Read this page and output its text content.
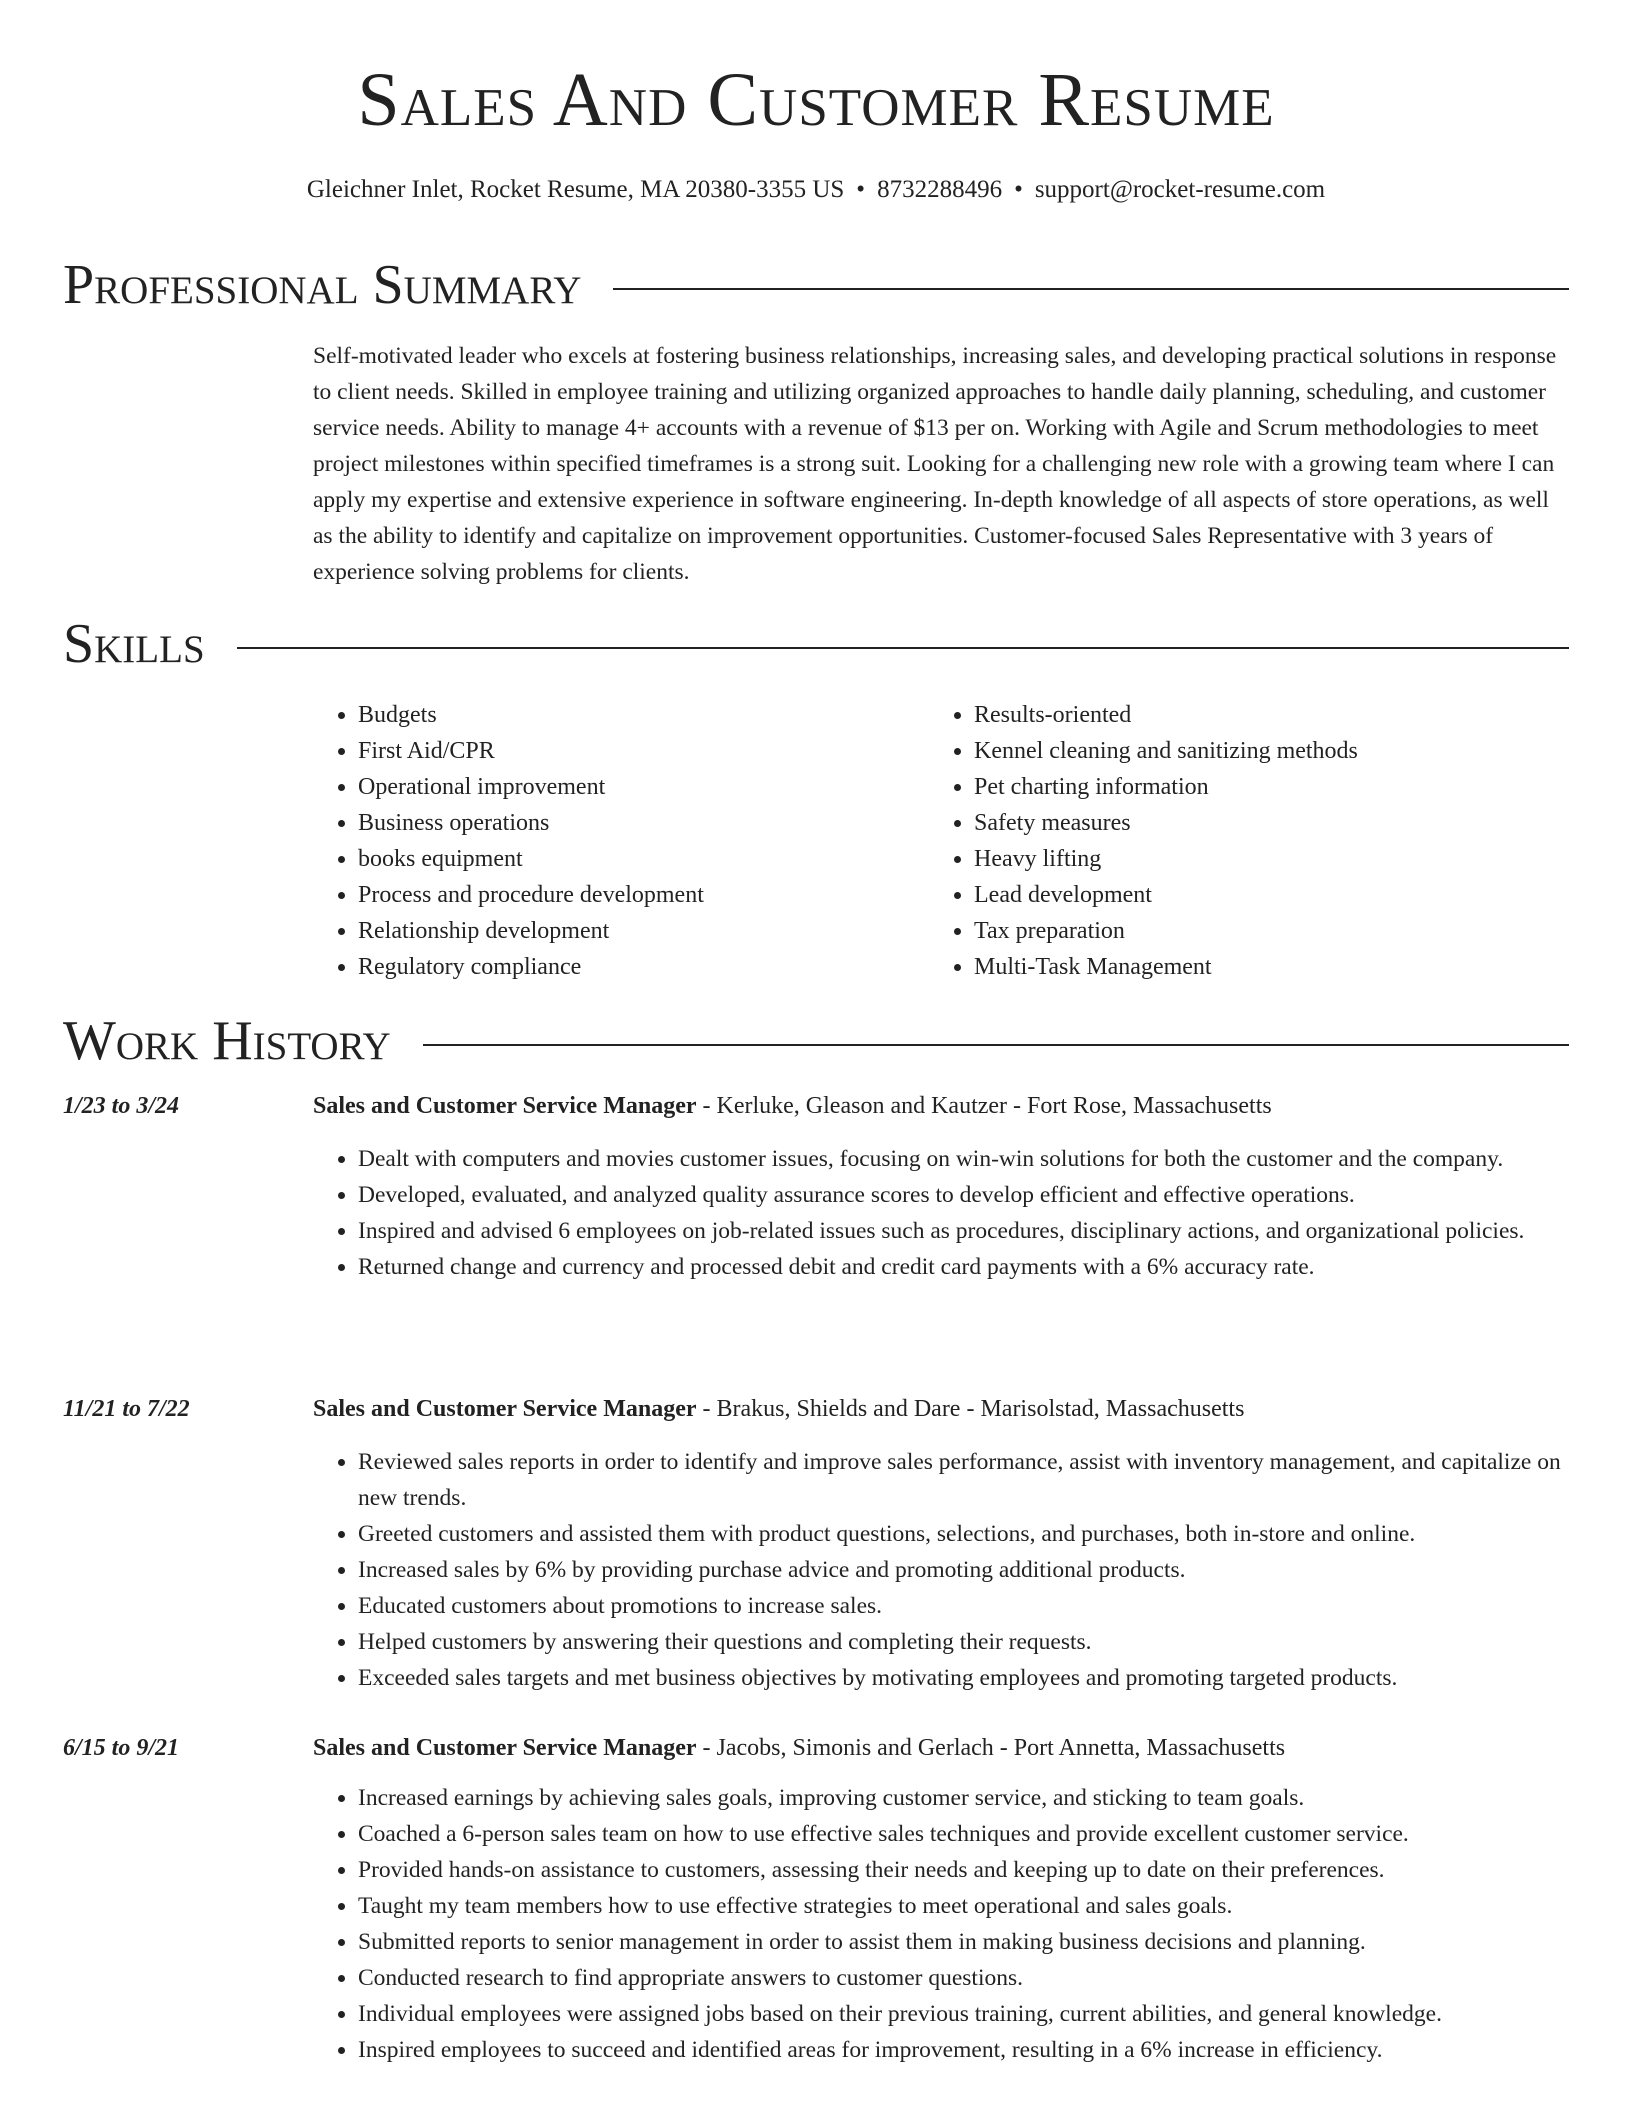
Sales And Customer Resume
Gleichner Inlet, Rocket Resume, MA 20380-3355 US • 8732288496 • support@rocket-resume.com
Professional Summary

Self-motivated leader who excels at fostering business relationships, increasing sales, and developing practical solutions in response to client needs. Skilled in employee training and utilizing organized approaches to handle daily planning, scheduling, and customer service needs. Ability to manage 4+ accounts with a revenue of $13 per on. Working with Agile and Scrum methodologies to meet project milestones within specified timeframes is a strong suit. Looking for a challenging new role with a growing team where I can apply my expertise and extensive experience in software engineering. In-depth knowledge of all aspects of store operations, as well as the ability to identify and capitalize on improvement opportunities. Customer-focused Sales Representative with 3 years of experience solving problems for clients.

Skills
• Budgets
• First Aid/CPR
• Operational improvement
• Business operations
• books equipment
• Process and procedure development
• Relationship development
• Regulatory compliance
• Results-oriented
• Kennel cleaning and sanitizing methods
• Pet charting information
• Safety measures
• Heavy lifting
• Lead development
• Tax preparation
• Multi-Task Management
Work History
1/23 to 3/24	Sales and Customer Service Manager - Kerluke, Gleason and Kautzer - Fort Rose, Massachusetts
• Dealt with computers and movies customer issues, focusing on win-win solutions for both the customer and the company.
• Developed, evaluated, and analyzed quality assurance scores to develop efficient and effective operations.
• Inspired and advised 6 employees on job-related issues such as procedures, disciplinary actions, and organizational policies.
• Returned change and currency and processed debit and credit card payments with a 6% accuracy rate.
11/21 to 7/22	Sales and Customer Service Manager - Brakus, Shields and Dare - Marisolstad, Massachusetts
• Reviewed sales reports in order to identify and improve sales performance, assist with inventory management, and capitalize on new trends.
• Greeted customers and assisted them with product questions, selections, and purchases, both in-store and online.
• Increased sales by 6% by providing purchase advice and promoting additional products.
• Educated customers about promotions to increase sales.
• Helped customers by answering their questions and completing their requests.
• Exceeded sales targets and met business objectives by motivating employees and promoting targeted products.
6/15 to 9/21	Sales and Customer Service Manager - Jacobs, Simonis and Gerlach - Port Annetta, Massachusetts
• Increased earnings by achieving sales goals, improving customer service, and sticking to team goals.
• Coached a 6-person sales team on how to use effective sales techniques and provide excellent customer service.
• Provided hands-on assistance to customers, assessing their needs and keeping up to date on their preferences.
• Taught my team members how to use effective strategies to meet operational and sales goals.
• Submitted reports to senior management in order to assist them in making business decisions and planning.
• Conducted research to find appropriate answers to customer questions.
• Individual employees were assigned jobs based on their previous training, current abilities, and general knowledge.
• Inspired employees to succeed and identified areas for improvement, resulting in a 6% increase in efficiency.
